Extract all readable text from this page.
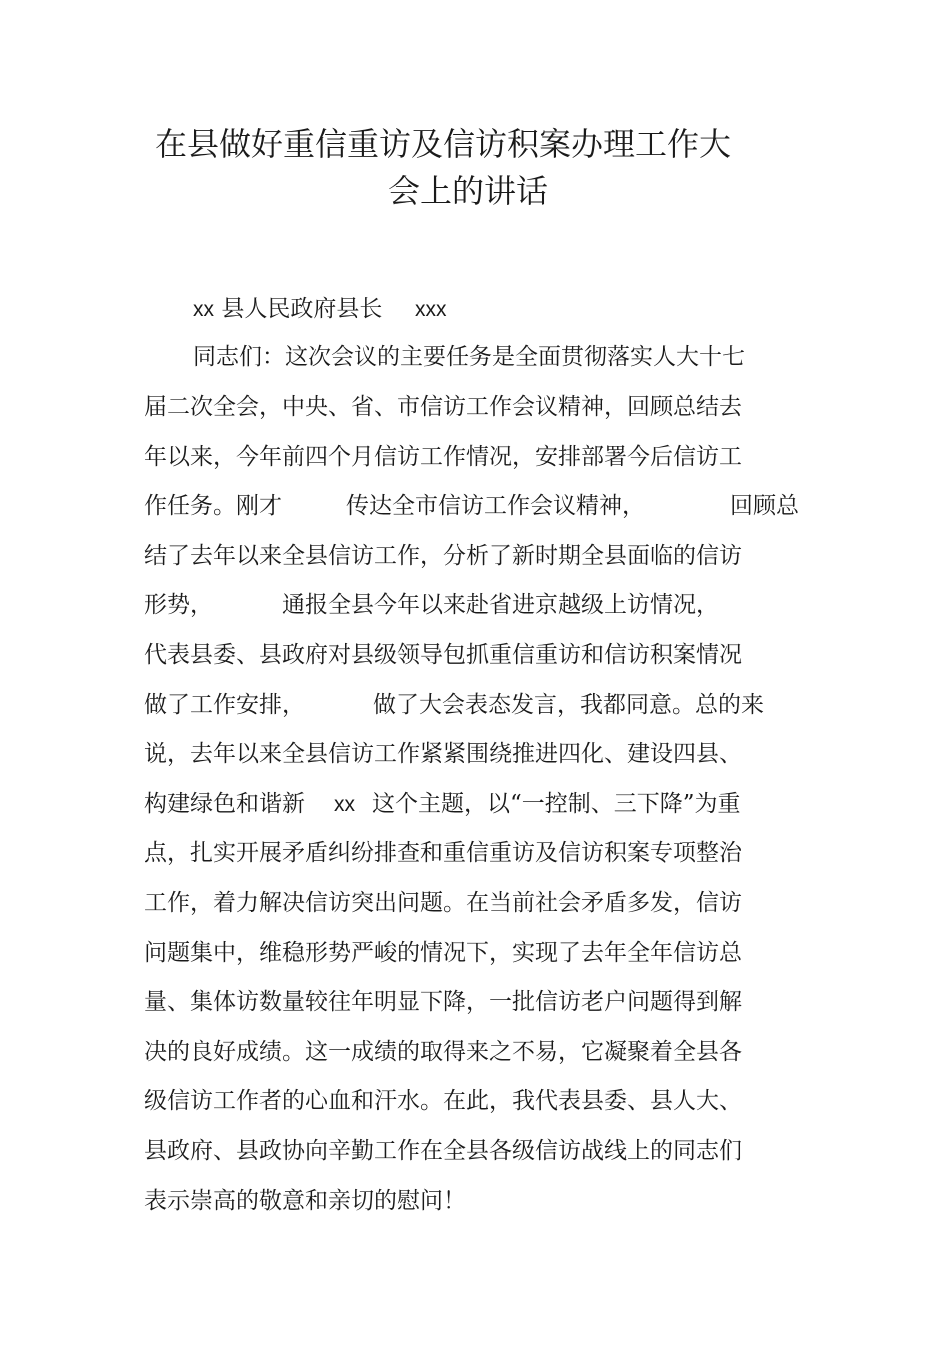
在县做好重信重访及信访积案办理工作大
会上的讲话
xx 县人民政府县长 xxx
同志们：这次会议的主要任务是全面贯彻落实人大十七
届二次全会，中央、省、市信访工作会议精神，回顾总结去
年以来，今年前四个月信访工作情况，安排部署今后信访工
作任务。刚才	传达全市信访工作会议精神，	回顾总
结了去年以来全县信访工作，分析了新时期全县面临的信访
形势，	通报全县今年以来赴省进京越级上访情况，
代表县委、县政府对县级领导包抓重信重访和信访积案情况
做了工作安排，	做了大会表态发言，我都同意。总的来
说，去年以来全县信访工作紧紧围绕推进四化、建设四县、
构建绿色和谐新 xx 这个主题，以“一控制、三下降”为重
点，扎实开展矛盾纠纷排查和重信重访及信访积案专项整治
工作，着力解决信访突出问题。在当前社会矛盾多发，信访
问题集中，维稳形势严峻的情况下，实现了去年全年信访总
量、集体访数量较往年明显下降，一批信访老户问题得到解
决的良好成绩。这一成绩的取得来之不易，它凝聚着全县各
级信访工作者的心血和汗水。在此，我代表县委、县人大、
县政府、县政协向辛勤工作在全县各级信访战线上的同志们
表示崇高的敬意和亲切的慰问！
